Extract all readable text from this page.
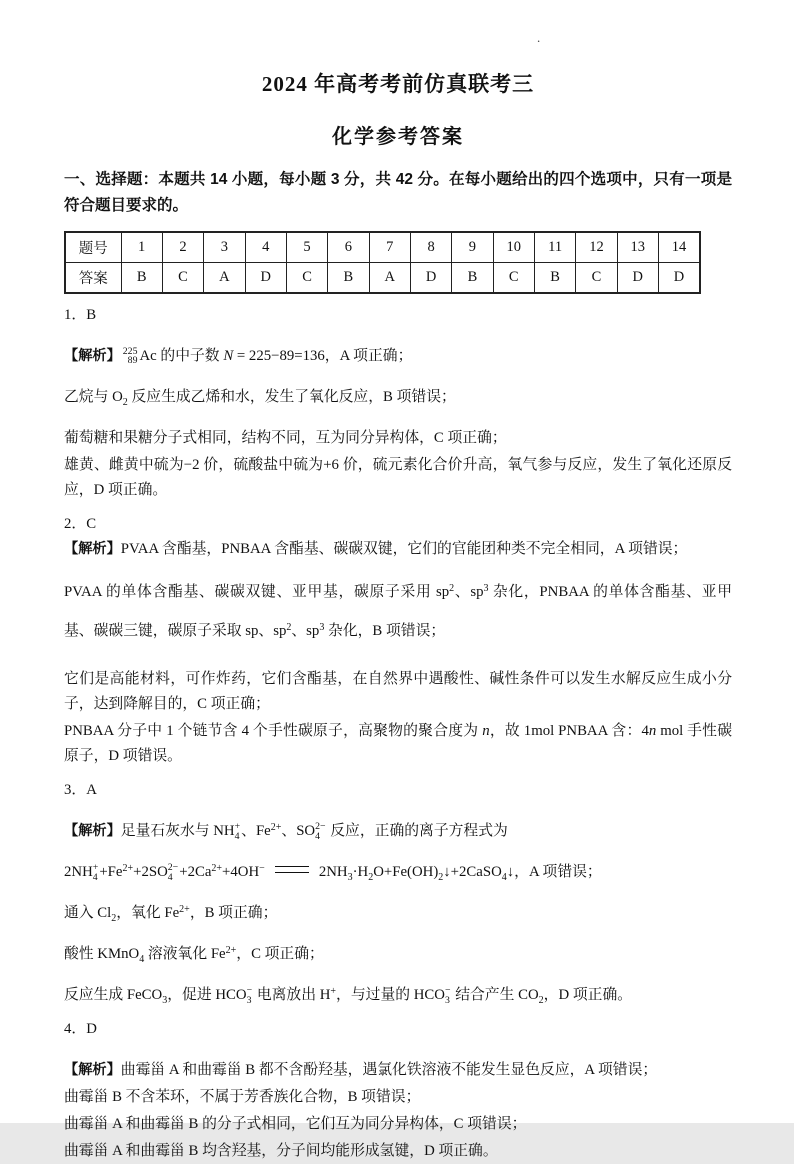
.
2024 年高考考前仿真联考三
化学参考答案
一、选择题：本题共 14 小题，每小题 3 分，共 42 分。在每小题给出的四个选项中，只有一项是符合题目要求的。
题号	1	2	3	4	5	6	7	8	9	10	11	12	13	14
答案	B	C	A	D	C	B	A	D	B	C	B	C	D	D
1．B
【解析】 225
89 Ac 的中子数 N = 225−89=136，A 项正确；
乙烷与 $O_2$ 反应生成乙烯和水，发生了氧化反应，B 项错误；
葡萄糖和果糖分子式相同，结构不同，互为同分异构体，C 项正确；
雄黄、雌黄中硫为−2 价，硫酸盐中硫为+6 价，硫元素化合价升高，氧气参与反应，发生了氧化还原反应，D 项正确。
2．C
【解析】PVAA 含酯基，PNBAA 含酯基、碳碳双键，它们的官能团种类不完全相同，A 项错误；
PVAA 的单体含酯基、碳碳双键、亚甲基，碳原子采用 $sp^2$、$sp^3$ 杂化，PNBAA 的单体含酯基、亚甲基、碳碳三键，碳原子采取 sp、$sp^2$、$sp^3$ 杂化，B 项错误；
它们是高能材料，可作炸药，它们含酯基，在自然界中遇酸性、碱性条件可以发生水解反应生成小分子，达到降解目的，C 项正确；
PNBAA 分子中 1 个链节含 4 个手性碳原子，高聚物的聚合度为 n，故 1mol PNBAA 含：4n mol 手性碳原子，D 项错误。
3．A
【解析】足量石灰水与 NH +
4 、$Fe^{2+}$、SO 2−
4 反应，正确的离子方程式为
2NH +
$4 +Fe^{2+}+2SO$ 2−
$4 +2Ca^{2+}+4OH^-$	$2NH_3\cdot H_2O+Fe(OH)_2↓+2CaSO_4↓$，A 项错误；
通入 $Cl_2$，氧化 $Fe^{2+}$，B 项正确；
酸性 KMnO$_4$ 溶液氧化 $Fe^{2+}$，C 项正确；
反应生成 FeCO$_3$，促进 HCO −
3 电离放出 H+，与过量的 HCO −
3 结合产生 $CO_2$，D 项正确。
4．D
【解析】曲霉甾 A 和曲霉甾 B 都不含酚羟基，遇氯化铁溶液不能发生显色反应，A 项错误；
曲霉甾 B 不含苯环，不属于芳香族化合物，B 项错误；
曲霉甾 A 和曲霉甾 B 的分子式相同，它们互为同分异构体，C 项错误；
曲霉甾 A 和曲霉甾 B 均含羟基，分子间均能形成氢键，D 项正确。
